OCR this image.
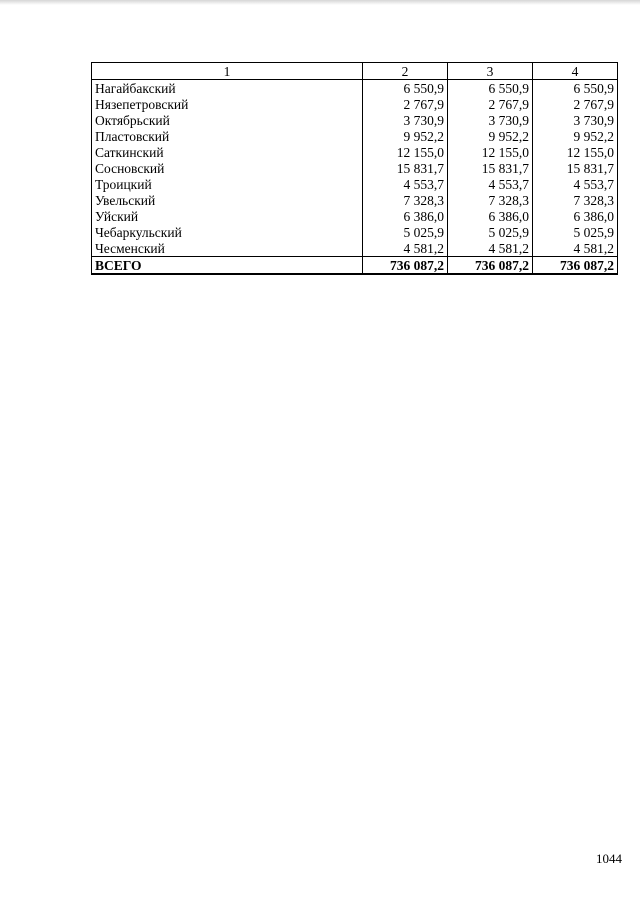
1	2	3	4
Нагайбакский	6 550,9	6 550,9	6 550,9
Нязепетровский	2 767,9	2 767,9	2 767,9
Октябрьский	3 730,9	3 730,9	3 730,9
Пластовский	9 952,2	9 952,2	9 952,2
Саткинский	12 155,0	12 155,0	12 155,0
Сосновский	15 831,7	15 831,7	15 831,7
Троицкий	4 553,7	4 553,7	4 553,7
Увельский	7 328,3	7 328,3	7 328,3
Уйский	6 386,0	6 386,0	6 386,0
Чебаркульский	5 025,9	5 025,9	5 025,9
Чесменский	4 581,2	4 581,2	4 581,2
ВСЕГО	736 087,2	736 087,2	736 087,2
1044
